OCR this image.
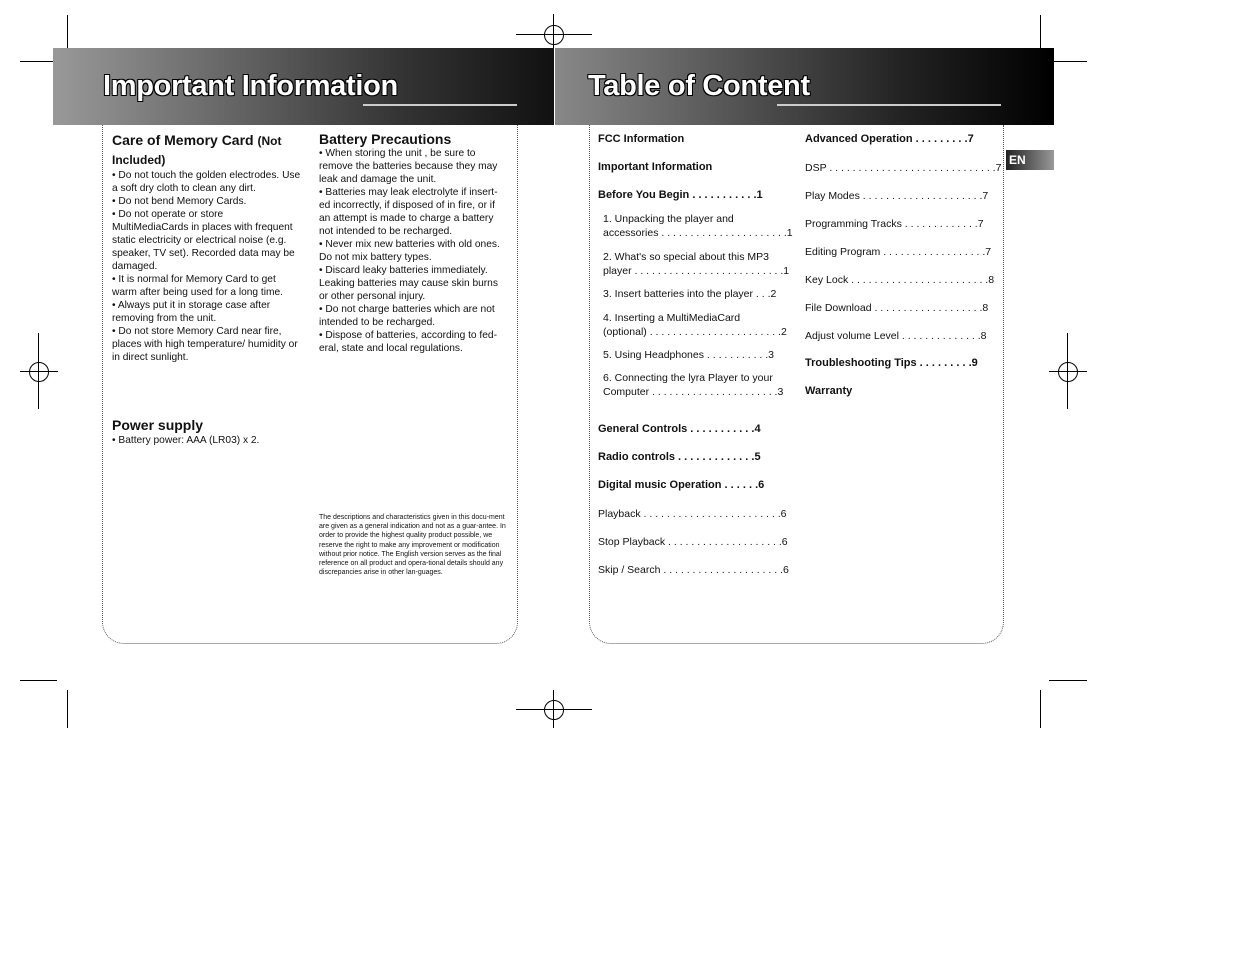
Important Information	Table of Content
EN
Care of Memory Card (Not Included)
• Do not touch the golden electrodes. Use a soft dry cloth to clean any dirt.
• Do not bend Memory Cards.
• Do not operate or store MultiMediaCards in places with frequent static electricity or electrical noise (e.g. speaker, TV set). Recorded data may be damaged.
• It is normal for Memory Card to get warm after being used for a long time.
• Always put it in storage case after removing from the unit.
• Do not store Memory Card near fire, places with high temperature/ humidity or in direct sunlight.
Power supply
• Battery power: AAA (LR03) x 2.
Battery Precautions
• When storing the unit , be sure to remove the batteries because they may leak and damage the unit.
• Batteries may leak electrolyte if insert-ed incorrectly, if disposed of in fire, or if an attempt is made to charge a battery not intended to be recharged.
• Never mix new batteries with old ones. Do not mix battery types.
• Discard leaky batteries immediately. Leaking batteries may cause skin burns or other personal injury.
• Do not charge batteries which are not intended to be recharged.
• Dispose of batteries, according to fed-eral, state and local regulations.
The descriptions and characteristics given in this docu-ment are given as a general indication and not as a guar-antee. In order to provide the highest quality product possible, we reserve the right to make any improvement or modification without prior notice. The English version serves as the final reference on all product and opera-tional details should any discrepancies arise in other lan-guages.
FCC Information
Important Information
Before You Begin . . . . . . . . . . .1
1. Unpacking the player and
accessories . . . . . . . . . . . . . . . . . . . . . .1
2. What's so special about this MP3
player . . . . . . . . . . . . . . . . . . . . . . . . . .1
3. Insert batteries into the player . . .2
4. Inserting a MultiMediaCard
(optional) . . . . . . . . . . . . . . . . . . . . . . .2
5. Using Headphones . . . . . . . . . . .3
6. Connecting the lyra Player to your
Computer . . . . . . . . . . . . . . . . . . . . . .3
General Controls . . . . . . . . . . .4
Radio controls . . . . . . . . . . . . .5
Digital music Operation . . . . . .6
Playback . . . . . . . . . . . . . . . . . . . . . . . .6
Stop Playback . . . . . . . . . . . . . . . . . . . .6
Skip / Search . . . . . . . . . . . . . . . . . . . . .6
Advanced Operation . . . . . . . . .7
DSP . . . . . . . . . . . . . . . . . . . . . . . . . . . . .7
Play Modes . . . . . . . . . . . . . . . . . . . . .7
Programming Tracks . . . . . . . . . . . . .7
Editing Program . . . . . . . . . . . . . . . . . .7
Key Lock . . . . . . . . . . . . . . . . . . . . . . . .8
File Download . . . . . . . . . . . . . . . . . . .8
Adjust volume Level . . . . . . . . . . . . . .8
Troubleshooting Tips . . . . . . . . .9
Warranty
